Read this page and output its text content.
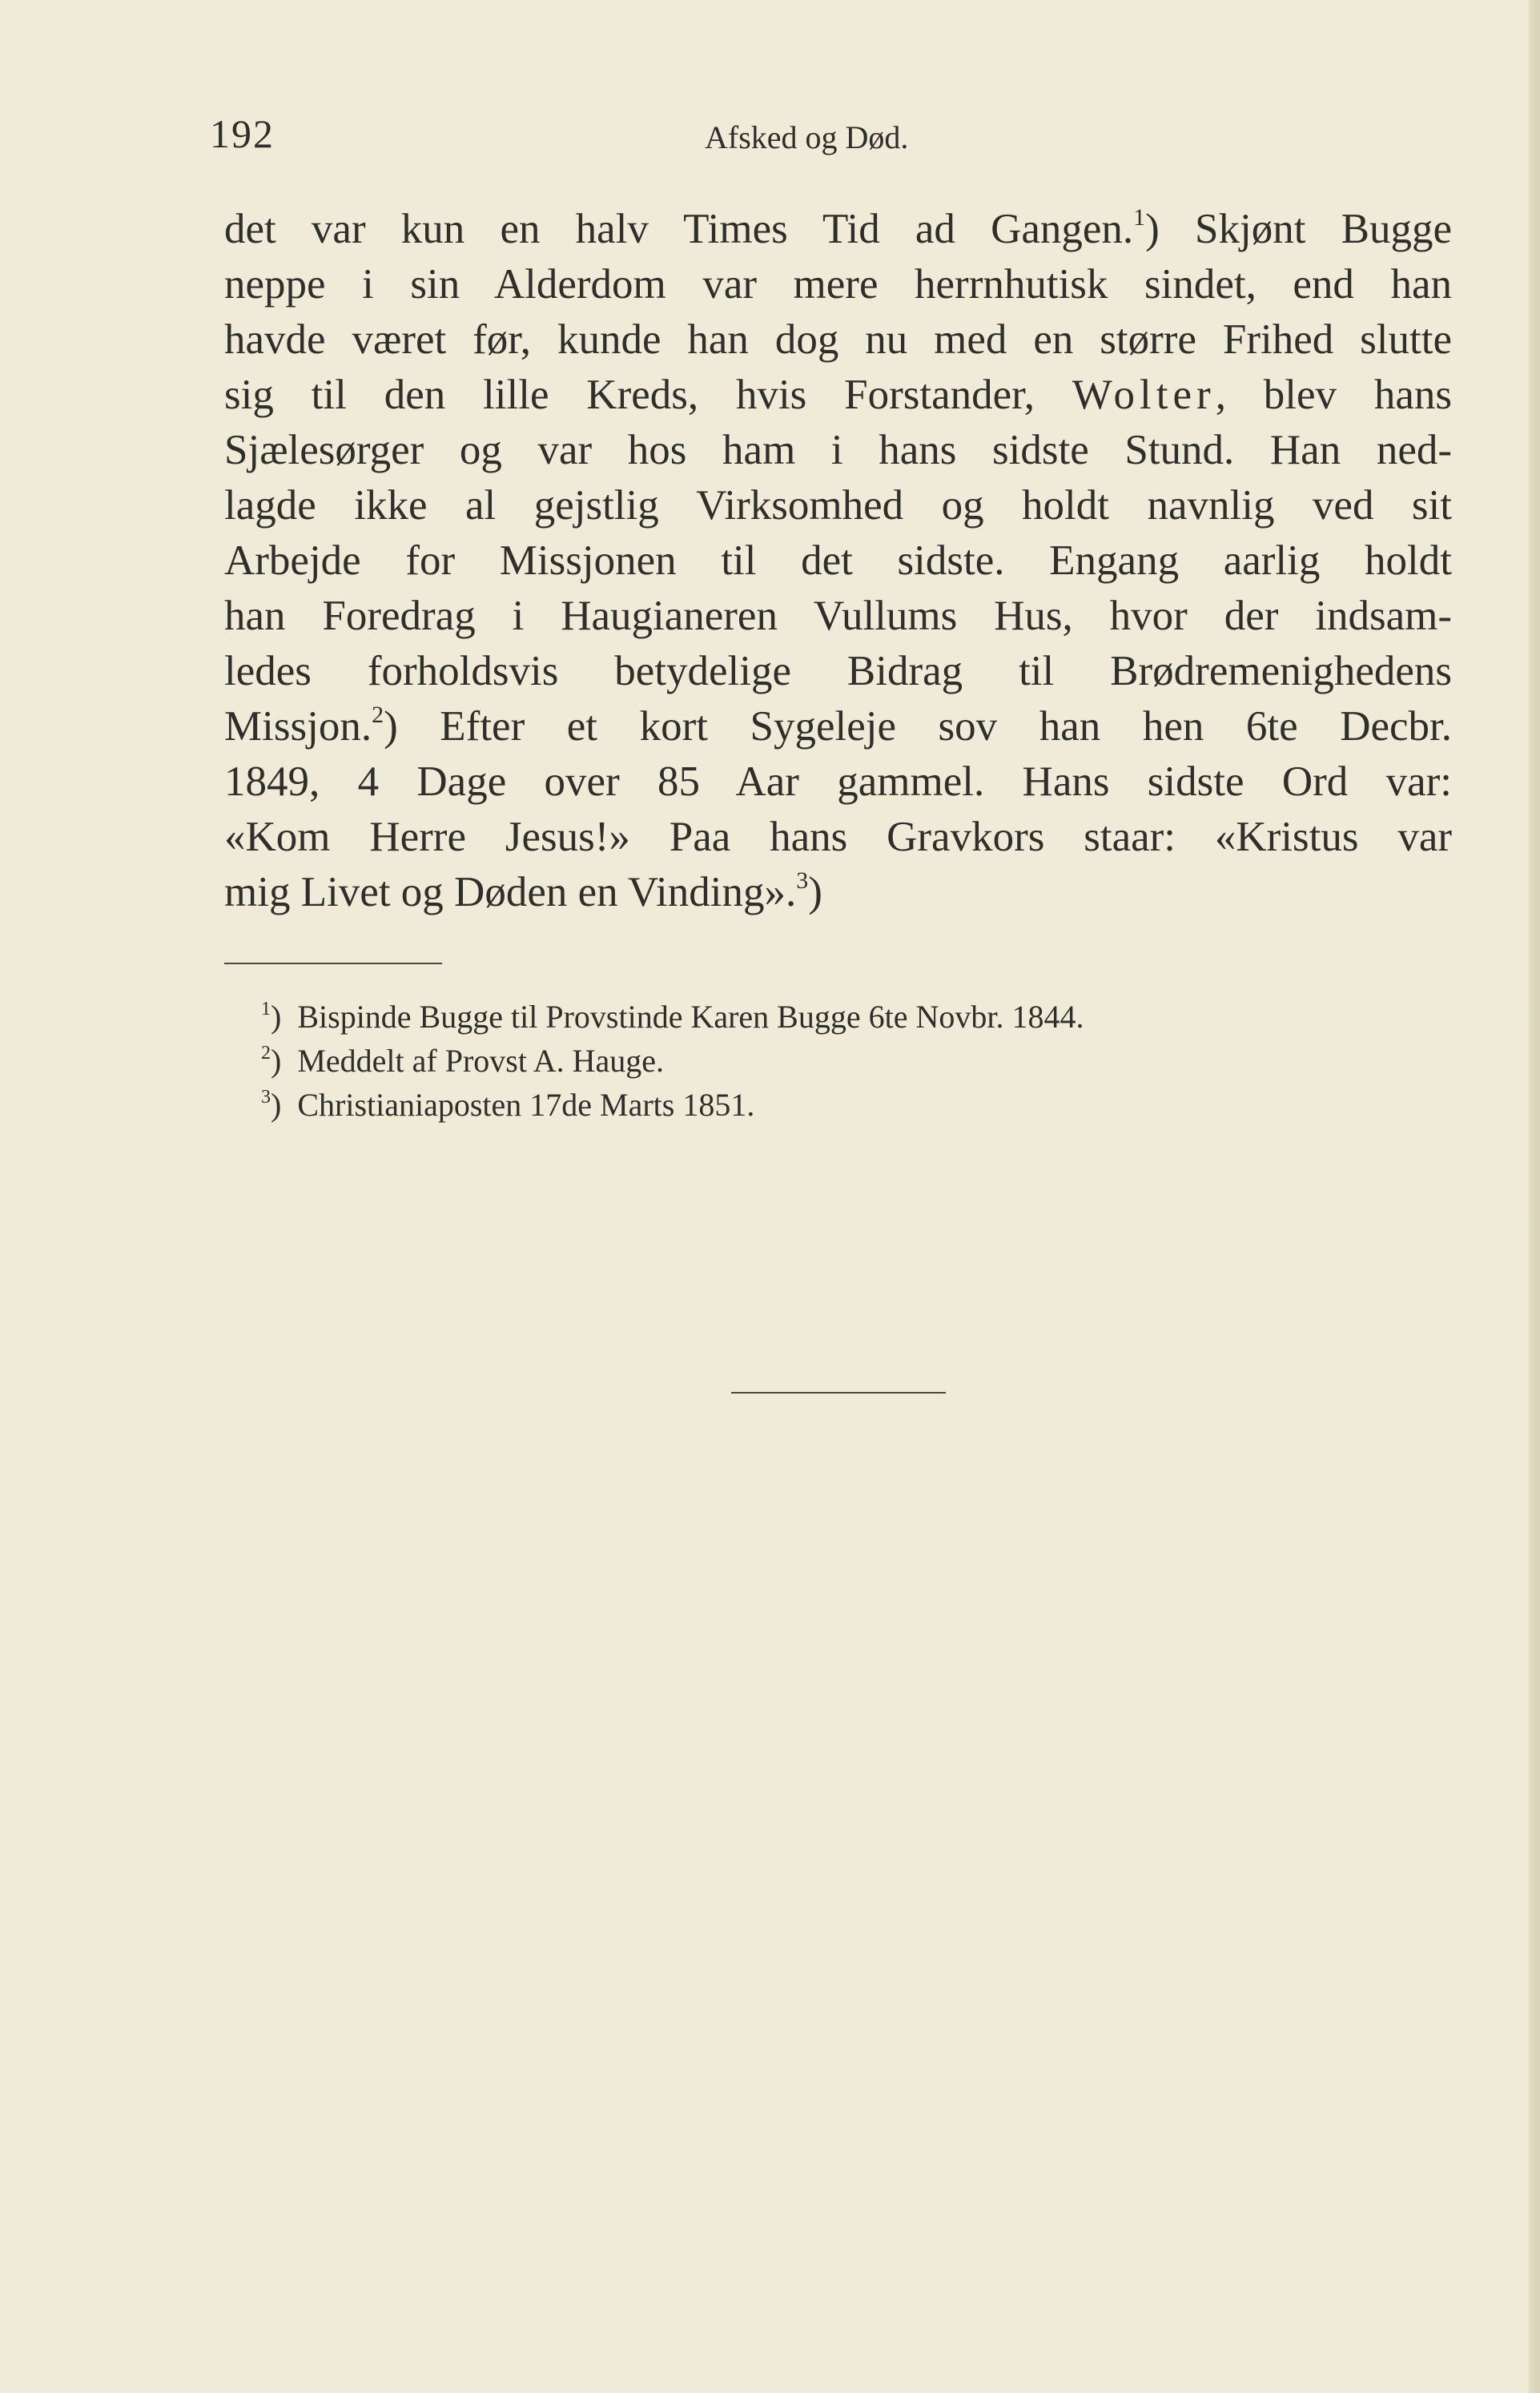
192	Afsked og Død.

det var kun en halv Times Tid ad Gangen.$^1$) Skjønt Bugge
neppe i sin Alderdom var mere herrnhutisk sindet, end han
havde været før, kunde han dog nu med en større Frihed slutte
sig til den lille Kreds, hvis Forstander, Wolter, blev hans
Sjælesørger og var hos ham i hans sidste Stund. Han ned-
lagde ikke al gejstlig Virksomhed og holdt navnlig ved sit
Arbejde for Missjonen til det sidste. Engang aarlig holdt
han Foredrag i Haugianeren Vullums Hus, hvor der indsam-
ledes forholdsvis betydelige Bidrag til Brødremenighedens
Missjon.$^2$) Efter et kort Sygeleje sov han hen 6te Decbr.
1849, 4 Dage over 85 Aar gammel. Hans sidste Ord var:
«Kom Herre Jesus!» Paa hans Gravkors staar: «Kristus var
mig Livet og Døden en Vinding».$^3$)
$^1$)  Bispinde Bugge til Provstinde Karen Bugge 6te Novbr. 1844.
$^2$)  Meddelt af Provst A. Hauge.
$^3$)  Christianiaposten 17de Marts 1851.
